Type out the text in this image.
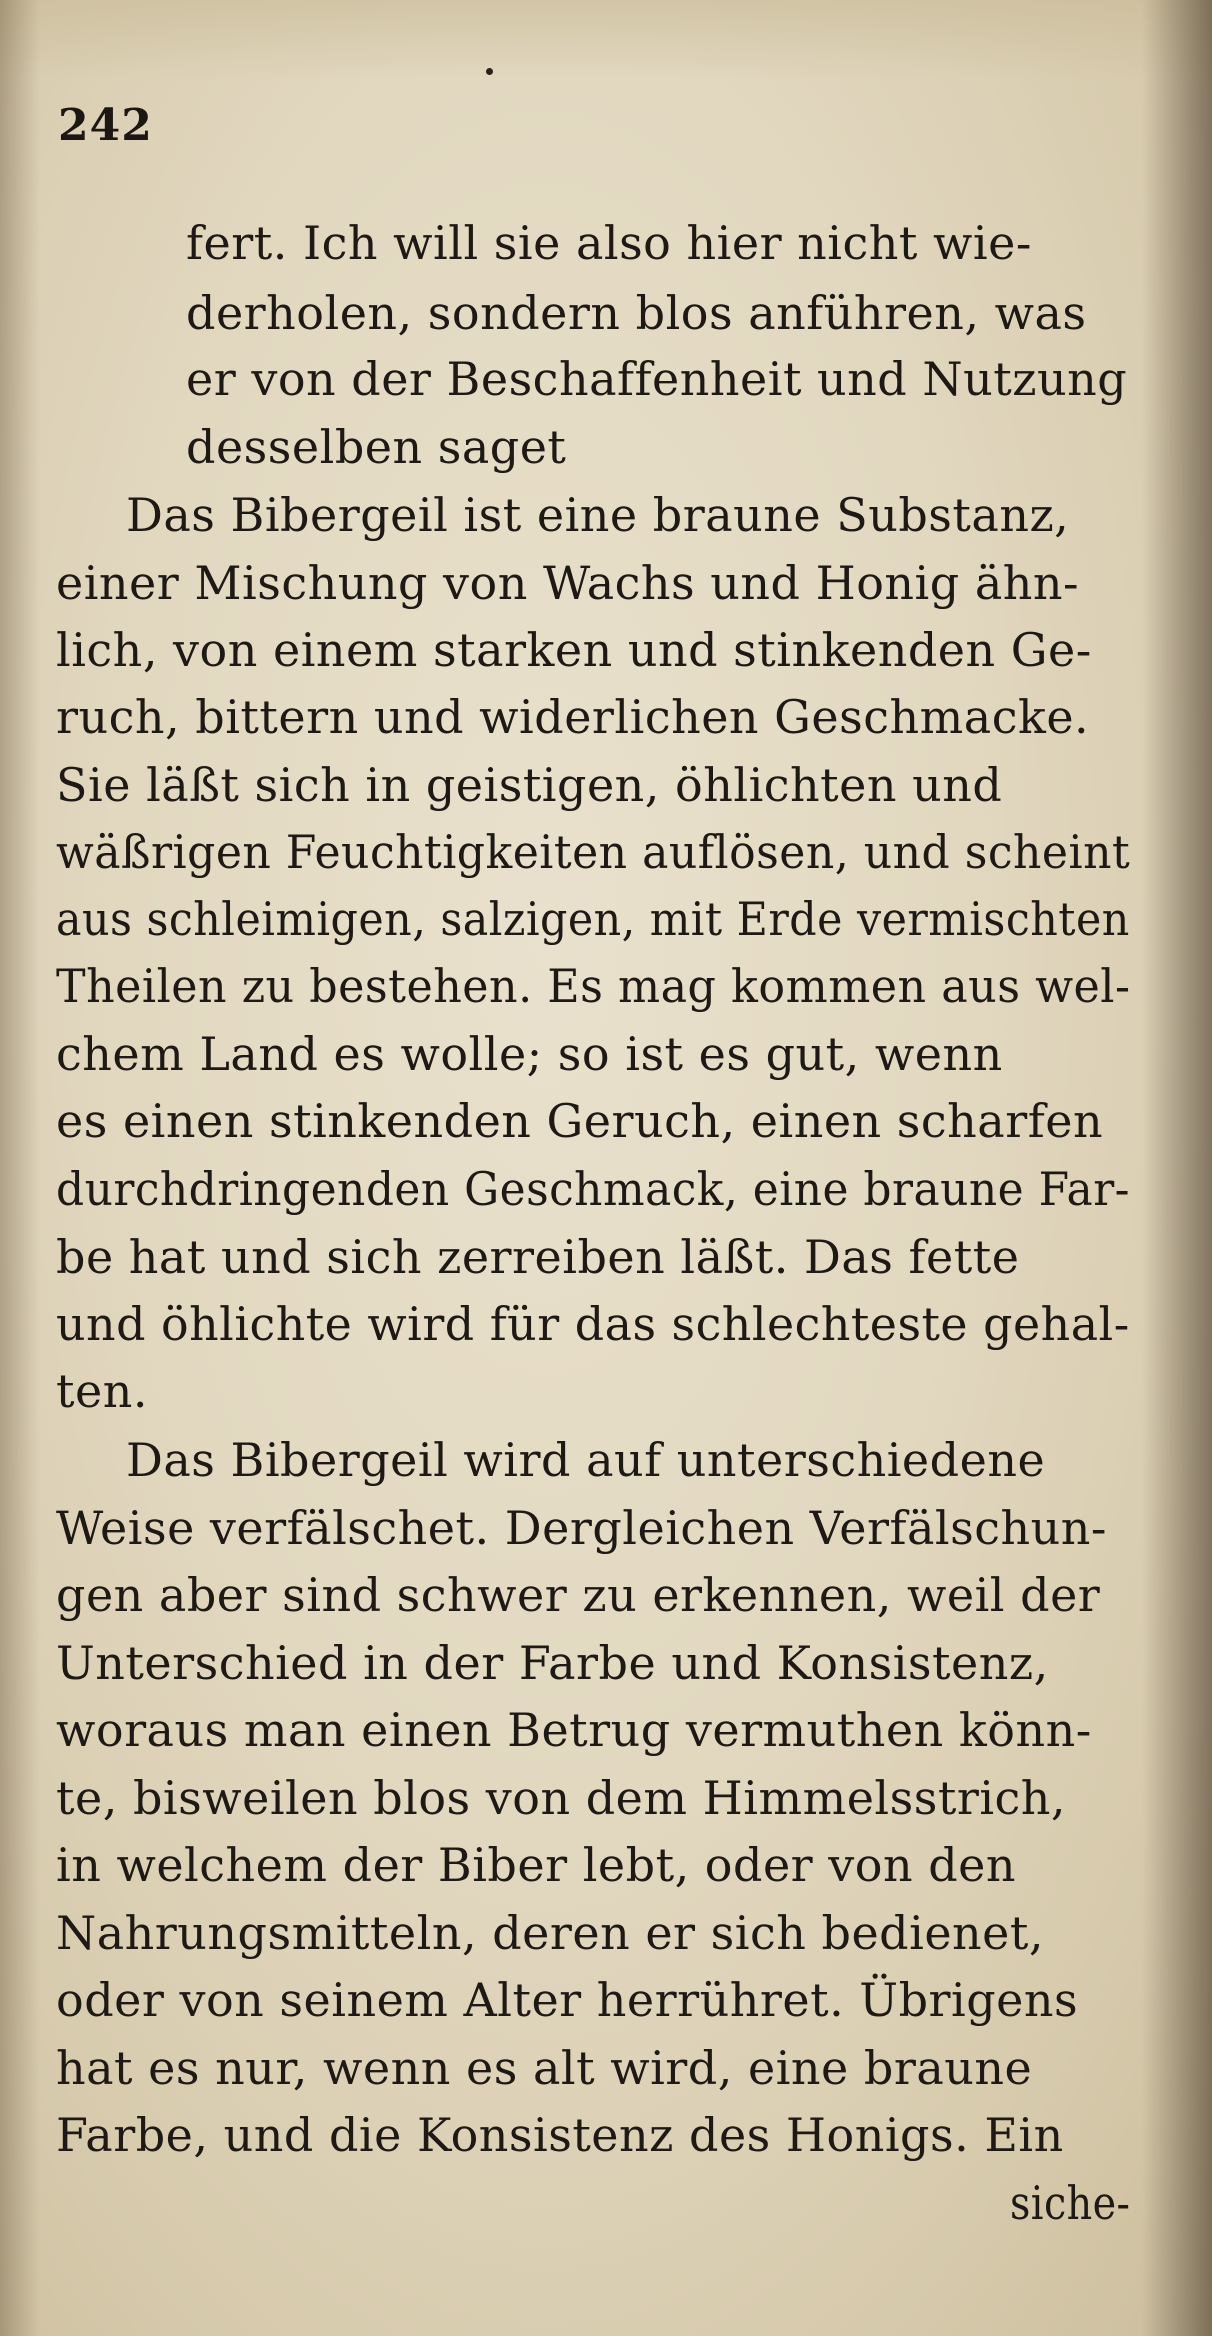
242
fert. Ich will sie also hier nicht wie-
derholen, sondern blos anführen, was
er von der Beschaffenheit und Nutzung
desselben saget
Das Bibergeil ist eine braune Substanz,
einer Mischung von Wachs und Honig ähn-
lich, von einem starken und stinkenden Ge-
ruch, bittern und widerlichen Geschmacke.
Sie läßt sich in geistigen, öhlichten und
wäßrigen Feuchtigkeiten auflösen, und scheint
aus schleimigen, salzigen, mit Erde vermischten
Theilen zu bestehen. Es mag kommen aus wel-
chem Land es wolle; so ist es gut, wenn
es einen stinkenden Geruch, einen scharfen
durchdringenden Geschmack, eine braune Far-
be hat und sich zerreiben läßt. Das fette
und öhlichte wird für das schlechteste gehal-
ten.
Das Bibergeil wird auf unterschiedene
Weise verfälschet. Dergleichen Verfälschun-
gen aber sind schwer zu erkennen, weil der
Unterschied in der Farbe und Konsistenz,
woraus man einen Betrug vermuthen könn-
te, bisweilen blos von dem Himmelsstrich,
in welchem der Biber lebt, oder von den
Nahrungsmitteln, deren er sich bedienet,
oder von seinem Alter herrühret. Übrigens
hat es nur, wenn es alt wird, eine braune
Farbe, und die Konsistenz des Honigs. Ein
siche-
